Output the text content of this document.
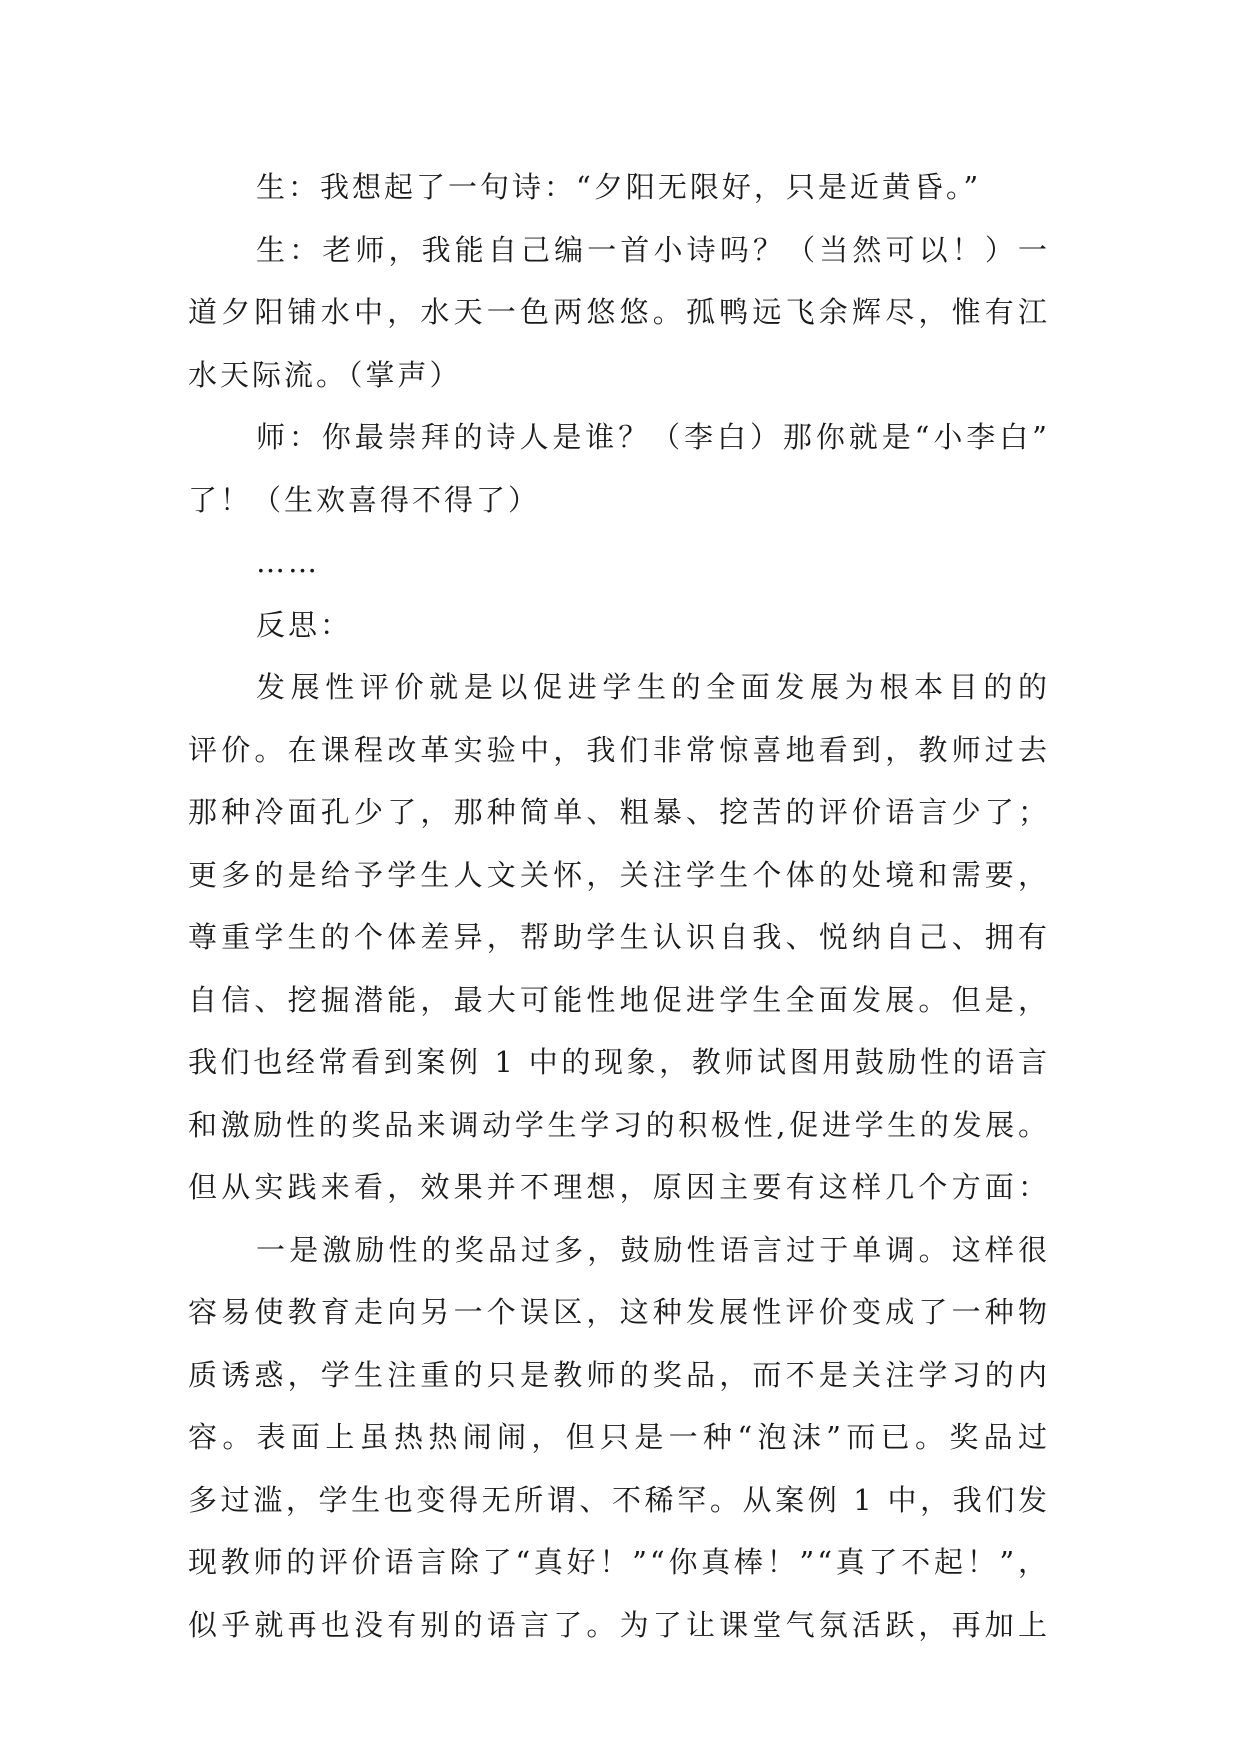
生：我想起了一句诗：“夕阳无限好，只是近黄昏。”
生：老师，我能自己编一首小诗吗？（当然可以！）一
道夕阳铺水中，水天一色两悠悠。孤鸭远飞余辉尽，惟有江
水天际流。（掌声）
师：你最崇拜的诗人是谁？（李白）那你就是“小李白”
了！（生欢喜得不得了）
……
反思：
发展性评价就是以促进学生的全面发展为根本目的的
评价。在课程改革实验中，我们非常惊喜地看到，教师过去
那种冷面孔少了，那种简单、粗暴、挖苦的评价语言少了；
更多的是给予学生人文关怀，关注学生个体的处境和需要，
尊重学生的个体差异，帮助学生认识自我、悦纳自己、拥有
自信、挖掘潜能，最大可能性地促进学生全面发展。但是，
我们也经常看到案例 1 中的现象，教师试图用鼓励性的语言
和激励性的奖品来调动学生学习的积极性,促进学生的发展。
但从实践来看，效果并不理想，原因主要有这样几个方面：
一是激励性的奖品过多，鼓励性语言过于单调。这样很
容易使教育走向另一个误区，这种发展性评价变成了一种物
质诱惑，学生注重的只是教师的奖品，而不是关注学习的内
容。表面上虽热热闹闹，但只是一种“泡沫”而已。奖品过
多过滥，学生也变得无所谓、不稀罕。从案例 1 中，我们发
现教师的评价语言除了“真好！”“你真棒！”“真了不起！”，
似乎就再也没有别的语言了。为了让课堂气氛活跃，再加上
